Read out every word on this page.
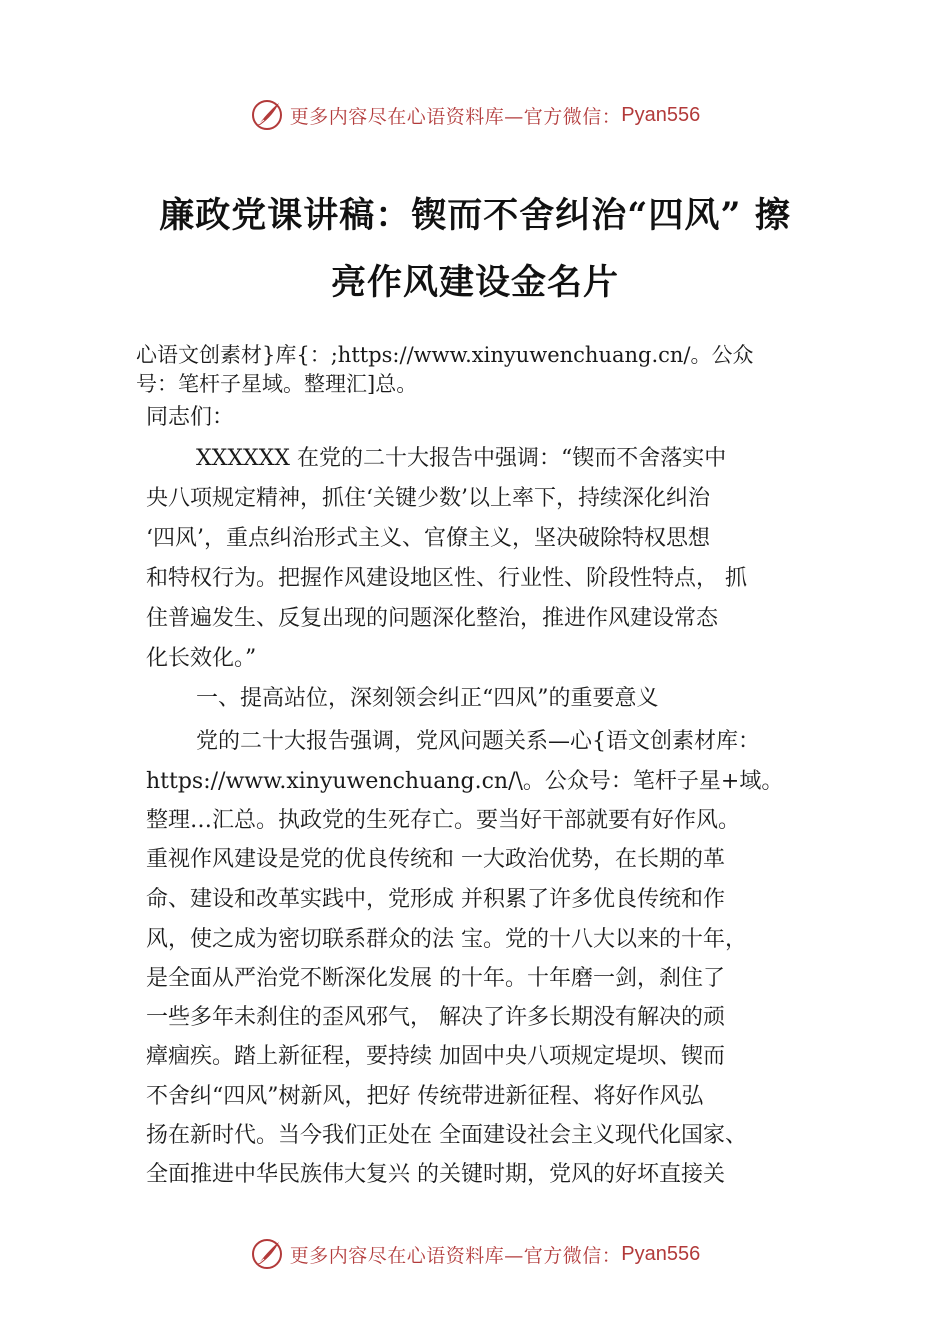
更多内容尽在心语资料库—官方微信： Pyan556
廉政党课讲稿：锲而不舍纠治“四风” 擦
亮作风建设金名片
心语文创素材}库{：;https://www.xinyuwenchuang.cn/。公众
号：笔杆子星域。整理汇]总。
同志们：
XXXXXX 在党的二十大报告中强调：“锲而不舍落实中
央八项规定精神，抓住‘关键少数’以上率下，持续深化纠治
‘四风’，重点纠治形式主义、官僚主义，坚决破除特权思想
和特权行为。把握作风建设地区性、行业性、阶段性特点， 抓
住普遍发生、反复出现的问题深化整治，推进作风建设常态
化长效化。”
一、提高站位，深刻领会纠正“四风”的重要意义
党的二十大报告强调，党风问题关系—心{语文创素材库：
https://www.xinyuwenchuang.cn/\。公众号：笔杆子星+域。
整理…汇总。执政党的生死存亡。要当好干部就要有好作风。
重视作风建设是党的优良传统和 一大政治优势，在长期的革
命、建设和改革实践中，党形成 并积累了许多优良传统和作
风，使之成为密切联系群众的法 宝。党的十八大以来的十年，
是全面从严治党不断深化发展 的十年。十年磨一剑，刹住了
一些多年未刹住的歪风邪气， 解决了许多长期没有解决的顽
瘴痼疾。踏上新征程，要持续 加固中央八项规定堤坝、锲而
不舍纠“四风”树新风，把好 传统带进新征程、将好作风弘
扬在新时代。当今我们正处在 全面建设社会主义现代化国家、
全面推进中华民族伟大复兴 的关键时期，党风的好坏直接关
更多内容尽在心语资料库—官方微信： Pyan556
